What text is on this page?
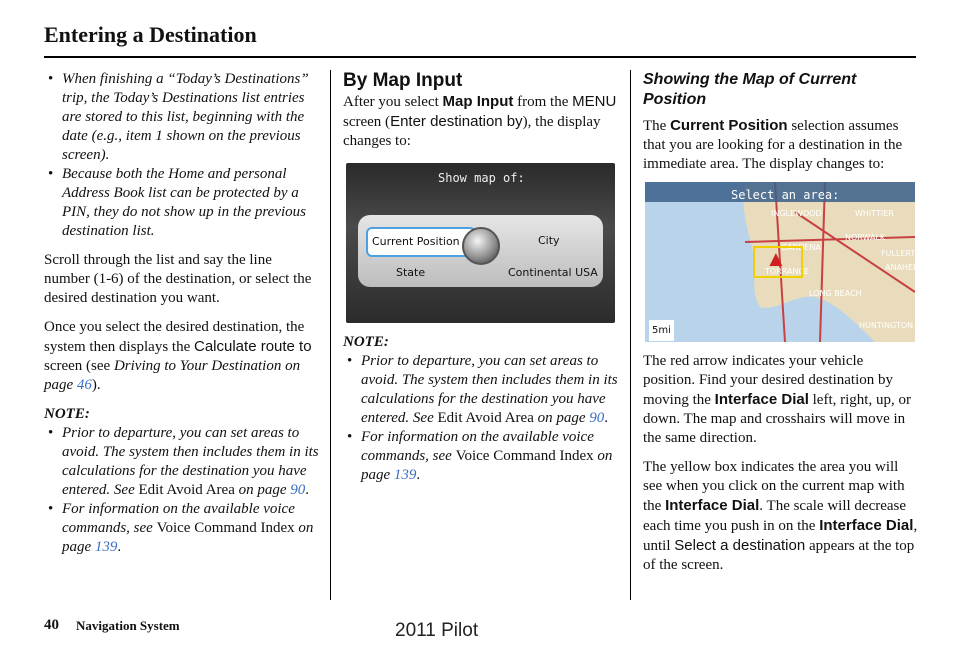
Entering a Destination
• When finishing a “Today’s Destinations” trip, the Today’s Destinations list entries are stored to this list, beginning with the date (e.g., item 1 shown on the previous screen).
• Because both the Home and personal Address Book list can be protected by a PIN, they do not show up in the previous destination list.

Scroll through the list and say the line number (1-6) of the destination, or select the desired destination you want.

Once you select the desired destination, the system then displays the Calculate route to screen (see Driving to Your Destination on page 46).

NOTE:

• Prior to departure, you can set areas to avoid. The system then includes them in its calculations for the destination you have entered. See Edit Avoid Area on page 90.
• For information on the available voice commands, see Voice Command Index on page 139.
By Map Input

After you select Map Input from the MENU screen (Enter destination by), the display changes to:

Show map of:
Current Position	City
State	Continental USA

NOTE:

• Prior to departure, you can set areas to avoid. The system then includes them in its calculations for the destination you have entered. See Edit Avoid Area on page 90.
• For information on the available voice commands, see Voice Command Index on page 139.
Showing the Map of Current Position

The Current Position selection assumes that you are looking for a destination in the immediate area. The display changes to:

Select an area:
INGLEWOOD	WHITTIER
NORWALK
GARDENA
FULLERT
TORRANCE	ANAHEI
LONG BEACH
HUNTINGTON
▲
5mi

The red arrow indicates your vehicle position. Find your desired destination by moving the Interface Dial left, right, up, or down. The map and crosshairs will move in the same direction.

The yellow box indicates the area you will see when you click on the current map with the Interface Dial. The scale will decrease each time you push in on the Interface Dial, until Select a destination appears at the top of the screen.

40 Navigation System	2011 Pilot
